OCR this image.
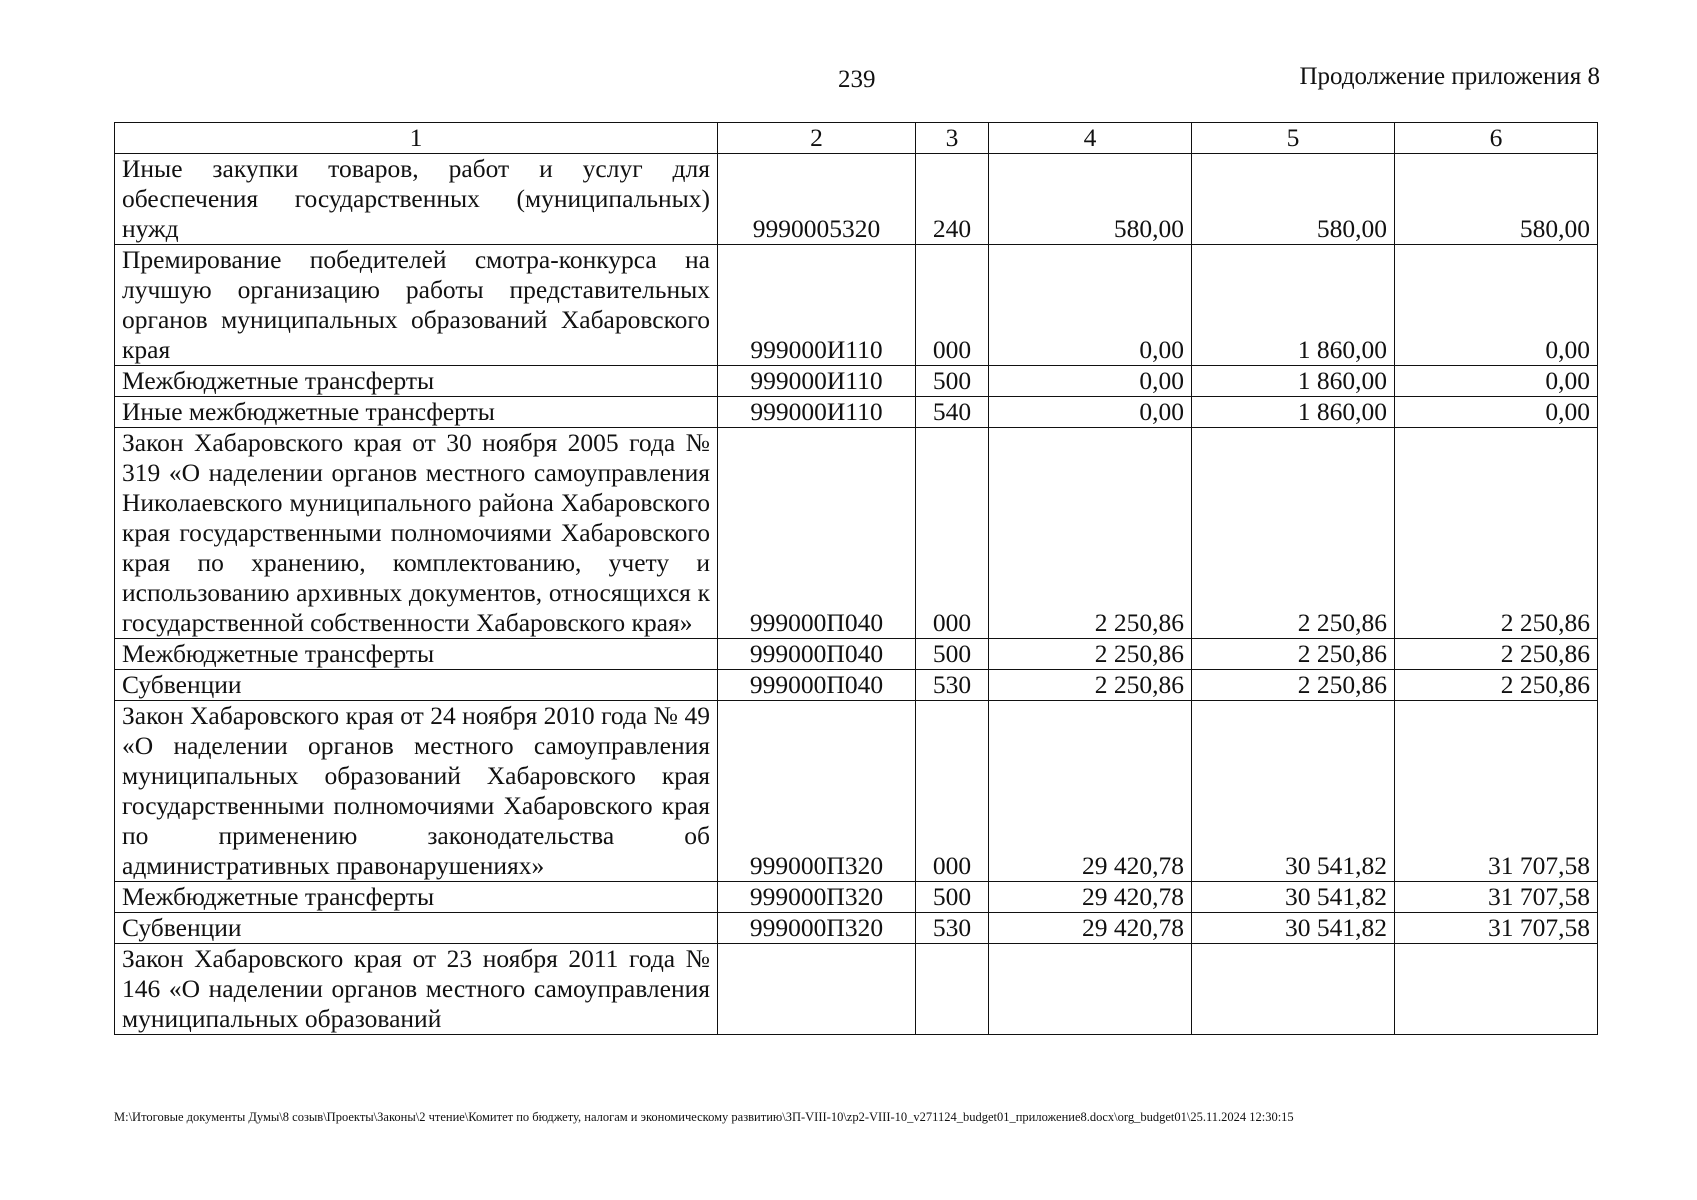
239	Продолжение приложения 8
1	2	3	4	5	6
Иные закупки товаров, работ и услуг для обеспечения государственных (муниципальных) нужд	9990005320	240	580,00	580,00	580,00
Премирование победителей смотра-конкурса на лучшую организацию работы представительных органов муниципальных образований Хабаровского края	999000И110	000	0,00	1 860,00	0,00
Межбюджетные трансферты	999000И110	500	0,00	1 860,00	0,00
Иные межбюджетные трансферты	999000И110	540	0,00	1 860,00	0,00
Закон Хабаровского края от 30 ноября 2005 года № 319 «О наделении органов местного самоуправления Николаевского муниципального района Хабаровского края государственными полномочиями Хабаровского края по хранению, комплектованию, учету и использованию архивных документов, относящихся к государственной собственности Хабаровского края»	999000П040	000	2 250,86	2 250,86	2 250,86
Межбюджетные трансферты	999000П040	500	2 250,86	2 250,86	2 250,86
Субвенции	999000П040	530	2 250,86	2 250,86	2 250,86
Закон Хабаровского края от 24 ноября 2010 года № 49 «О наделении органов местного самоуправления муниципальных образований Хабаровского края государственными полномочиями Хабаровского края по применению законодательства об административных правонарушениях»	999000П320	000	29 420,78	30 541,82	31 707,58
Межбюджетные трансферты	999000П320	500	29 420,78	30 541,82	31 707,58
Субвенции	999000П320	530	29 420,78	30 541,82	31 707,58
Закон Хабаровского края от 23 ноября 2011 года № 146 «О наделении органов местного самоуправления муниципальных образований					
M:\Итоговые документы Думы\8 созыв\Проекты\Законы\2 чтение\Комитет по бюджету, налогам и экономическому развитию\ЗП-VIII-10\zp2-VIII-10_v271124_budget01_приложение8.docx\org_budget01\25.11.2024 12:30:15
